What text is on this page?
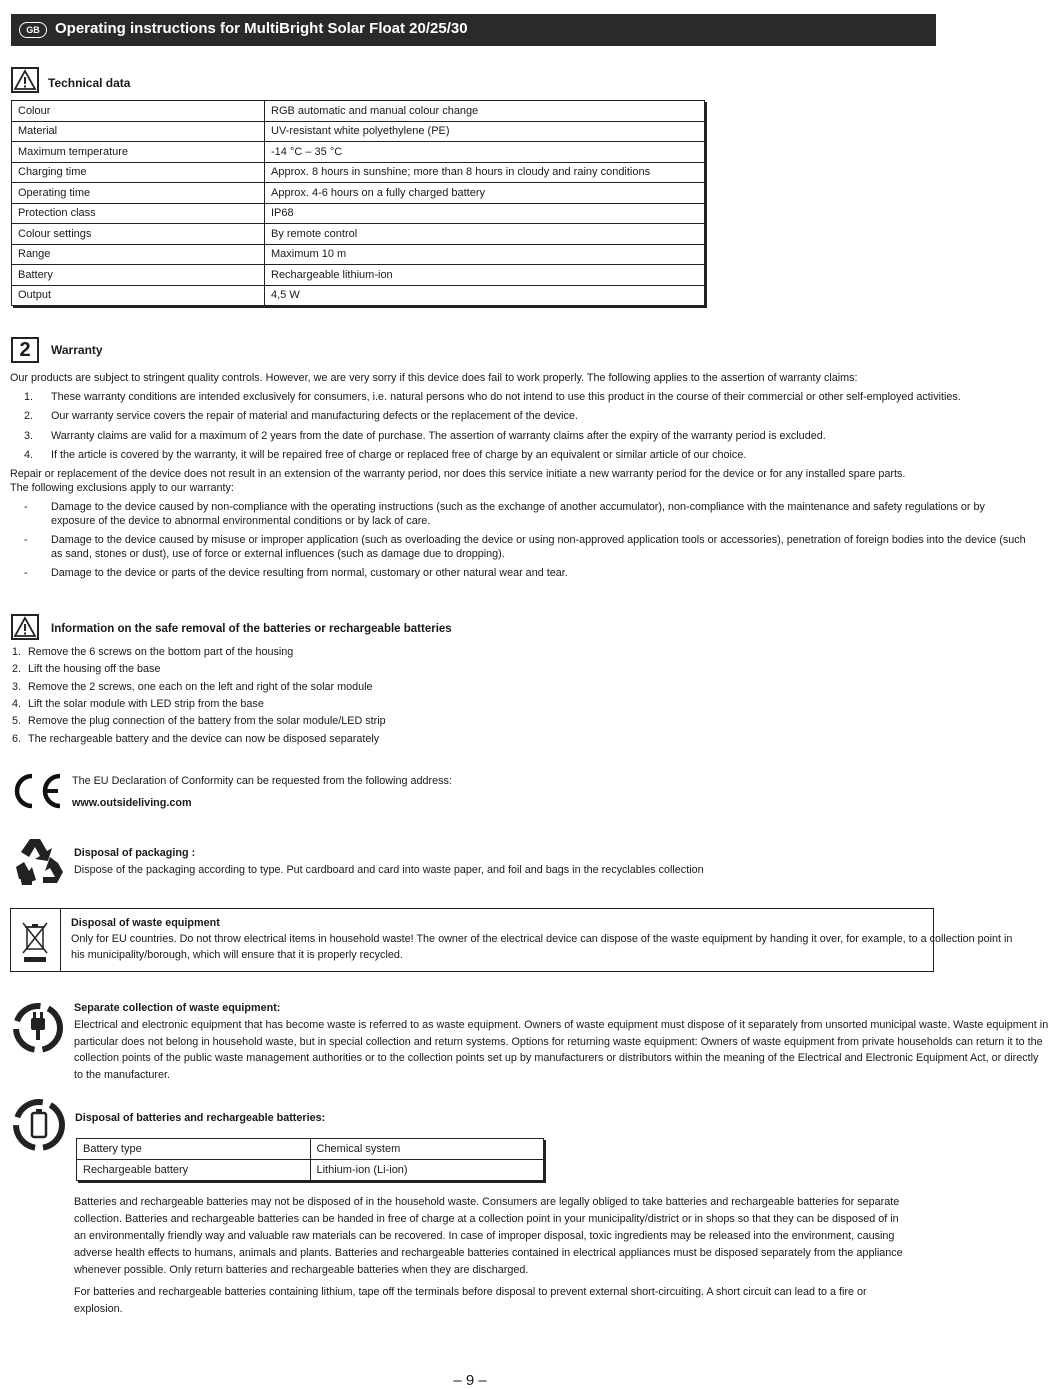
GB	Operating instructions for MultiBright Solar Float 20/25/30
Technical data
Colour	RGB automatic and manual colour change
Material	UV-resistant white polyethylene (PE)
Maximum temperature	-14 °C – 35 °C
Charging time	Approx. 8 hours in sunshine; more than 8 hours in cloudy and rainy conditions
Operating time	Approx. 4-6 hours on a fully charged battery
Protection class	IP68
Colour settings	By remote control
Range	Maximum 10 m
Battery	Rechargeable lithium-ion
Output	4,5 W
2	Warranty
Our products are subject to stringent quality controls. However, we are very sorry if this device does fail to work properly. The following applies to the assertion of warranty claims:
1. These warranty conditions are intended exclusively for consumers, i.e. natural persons who do not intend to use this product in the course of their commercial or other self-employed activities.
2. Our warranty service covers the repair of material and manufacturing defects or the replacement of the device.
3. Warranty claims are valid for a maximum of 2 years from the date of purchase. The assertion of warranty claims after the expiry of the warranty period is excluded.
4. If the article is covered by the warranty, it will be repaired free of charge or replaced free of charge by an equivalent or similar article of our choice.
Repair or replacement of the device does not result in an extension of the warranty period, nor does this service initiate a new warranty period for the device or for any installed spare parts.
The following exclusions apply to our warranty:
- Damage to the device caused by non-compliance with the operating instructions (such as the exchange of another accumulator), non-compliance with the maintenance and safety regulations or by
exposure of the device to abnormal environmental conditions or by lack of care.
- Damage to the device caused by misuse or improper application (such as overloading the device or using non-approved application tools or accessories), penetration of foreign bodies into the device (such
as sand, stones or dust), use of force or external influences (such as damage due to dropping).
- Damage to the device or parts of the device resulting from normal, customary or other natural wear and tear.
Information on the safe removal of the batteries or rechargeable batteries
1. Remove the 6 screws on the bottom part of the housing
2. Lift the housing off the base
3. Remove the 2 screws, one each on the left and right of the solar module
4. Lift the solar module with LED strip from the base
5. Remove the plug connection of the battery from the solar module/LED strip
6. The rechargeable battery and the device can now be disposed separately
The EU Declaration of Conformity can be requested from the following address:
www.outsideliving.com
Disposal of packaging :
Dispose of the packaging according to type. Put cardboard and card into waste paper, and foil and bags in the recyclables collection
Disposal of waste equipment
Only for EU countries. Do not throw electrical items in household waste! The owner of the electrical device can dispose of the waste equipment by handing it over, for example, to a collection point in
his municipality/borough, which will ensure that it is properly recycled.
Separate collection of waste equipment:
Electrical and electronic equipment that has become waste is referred to as waste equipment. Owners of waste equipment must dispose of it separately from unsorted municipal waste. Waste equipment in
particular does not belong in household waste, but in special collection and return systems. Options for returning waste equipment: Owners of waste equipment from private households can return it to the
collection points of the public waste management authorities or to the collection points set up by manufacturers or distributors within the meaning of the Electrical and Electronic Equipment Act, or directly
to the manufacturer.
Disposal of batteries and rechargeable batteries:
Battery type	Chemical system
Rechargeable battery	Lithium-ion (Li-ion)
Batteries and rechargeable batteries may not be disposed of in the household waste. Consumers are legally obliged to take batteries and rechargeable batteries for separate
collection. Batteries and rechargeable batteries can be handed in free of charge at a collection point in your municipality/district or in shops so that they can be disposed of in
an environmentally friendly way and valuable raw materials can be recovered. In case of improper disposal, toxic ingredients may be released into the environment, causing
adverse health effects to humans, animals and plants. Batteries and rechargeable batteries contained in electrical appliances must be disposed separately from the appliance
whenever possible. Only return batteries and rechargeable batteries when they are discharged.
For batteries and rechargeable batteries containing lithium, tape off the terminals before disposal to prevent external short-circuiting. A short circuit can lead to a fire or
explosion.
– 9 –
